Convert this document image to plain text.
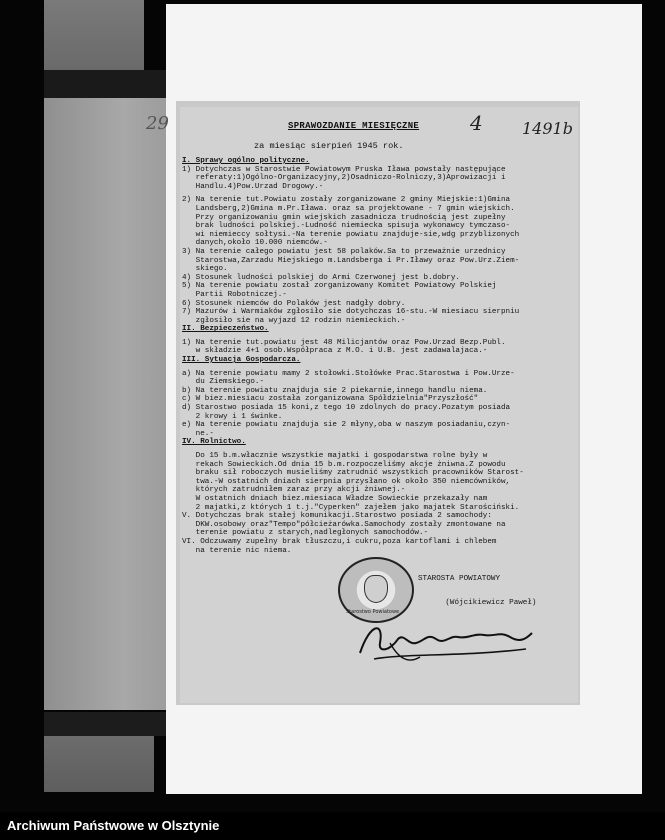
29	4 1491b
SPRAWOZDANIE MIESIĘCZNE
za miesiąc sierpień 1945 rok.
I. Sprawy ogólno polityczne.
1) Dotychczas w Starostwie Powiatowym Pruska Iława powstały następujące
referaty:1)Ogólno-Organizacyjny,2)Osadniczo-Rolniczy,3)Aprowizacji i
Handlu.4)Pow.Urzad Drogowy.-
2) Na terenie tut.Powiatu zostały zorganizowane 2 gminy Miejskie:1)Gmina
Landsberg,2)Gmina m.Pr.Iława. oraz sa projektowane - 7 gmin wiejskich.
Przy organizowaniu gmin wiejskich zasadnicza trudnością jest zupełny
brak ludności polskiej.-Ludność niemiecka spisuja wykonawcy tymczaso-
wi niemieccy sołtysi.-Na terenie powiatu znajduje-sie,wdg przyblizonych
danych,około 10.000 niemców.-
3) Na terenie całego powiatu jest 58 polaków.Sa to przeważnie urzednicy
Starostwa,Zarzadu Miejskiego m.Landsberga i Pr.Iławy oraz Pow.Urz.Ziem-
skiego.
4) Stosunek ludności polskiej do Armi Czerwonej jest b.dobry.
5) Na terenie powiatu został zorganizowany Komitet Powiatowy Polskiej
Partii Robotniczej.-
6) Stosunek niemców do Polaków jest nadgły dobry.
7) Mazurów i Warmiaków zgłosiło sie dotychczas 16-stu.-W miesiacu sierpniu
zgłosiło sie na wyjazd 12 rodzin niemieckich.-
II. Bezpieczeństwo.
1) Na terenie tut.powiatu jest 48 Milicjantów oraz Pow.Urzad Bezp.Publ.
w składzie 4+1 osob.Współpraca z M.O. i U.B. jest zadawalajaca.-
III. Sytuacja Gospodarcza.
a) Na terenie powiatu mamy 2 stołowki.Stołówke Prac.Starostwa i Pow.Urze-
du Ziemskiego.-
b) Na terenie powiatu znajduja sie 2 piekarnie,innego handlu niema.
c) W biez.miesiacu została zorganizowana Spółdzielnia"Przyszłość"
d) Starostwo posiada 15 koni,z tego 10 zdolnych do pracy.Pozatym posiada
2 krowy i 1 świnke.
e) Na terenie powiatu znajduja sie 2 młyny,oba w naszym posiadaniu,czyn-
ne.-
IV. Rolnictwo.
Do 15 b.m.włacznie wszystkie majatki i gospodarstwa rolne były w
rekach Sowieckich.Od dnia 15 b.m.rozpoczeliśmy akcje żniwna.Z powodu
braku sił roboczych musieliśmy zatrudnić wszystkich pracowników Starost-
twa.-W ostatnich dniach sierpnia przysłano ok około 350 niemcówników,
których zatrudniłem zaraz przy akcji żniwnej.-
W ostatnich dniach biez.miesiaca Władze Sowieckie przekazały nam
2 majatki,z których 1 t.j."Cyperken" zajełem jako majatek Starościński.
V. Dotychczas brak stałej komunikacji.Starostwo posiada 2 samochody:
DKW.osobowy oraz"Tempo"półcieżarówka.Samochody zostały zmontowane na
terenie powiatu z starych,nadległonych samochodów.-
VI. Odczuwamy zupełny brak tłuszczu,i cukru,poza kartoflami i chlebem
na terenie nic niema.
STAROSTA POWIATOWY

(Wójcikiewicz Paweł)
Starostwo Powiatowe
Archiwum Państwowe w Olsztynie
